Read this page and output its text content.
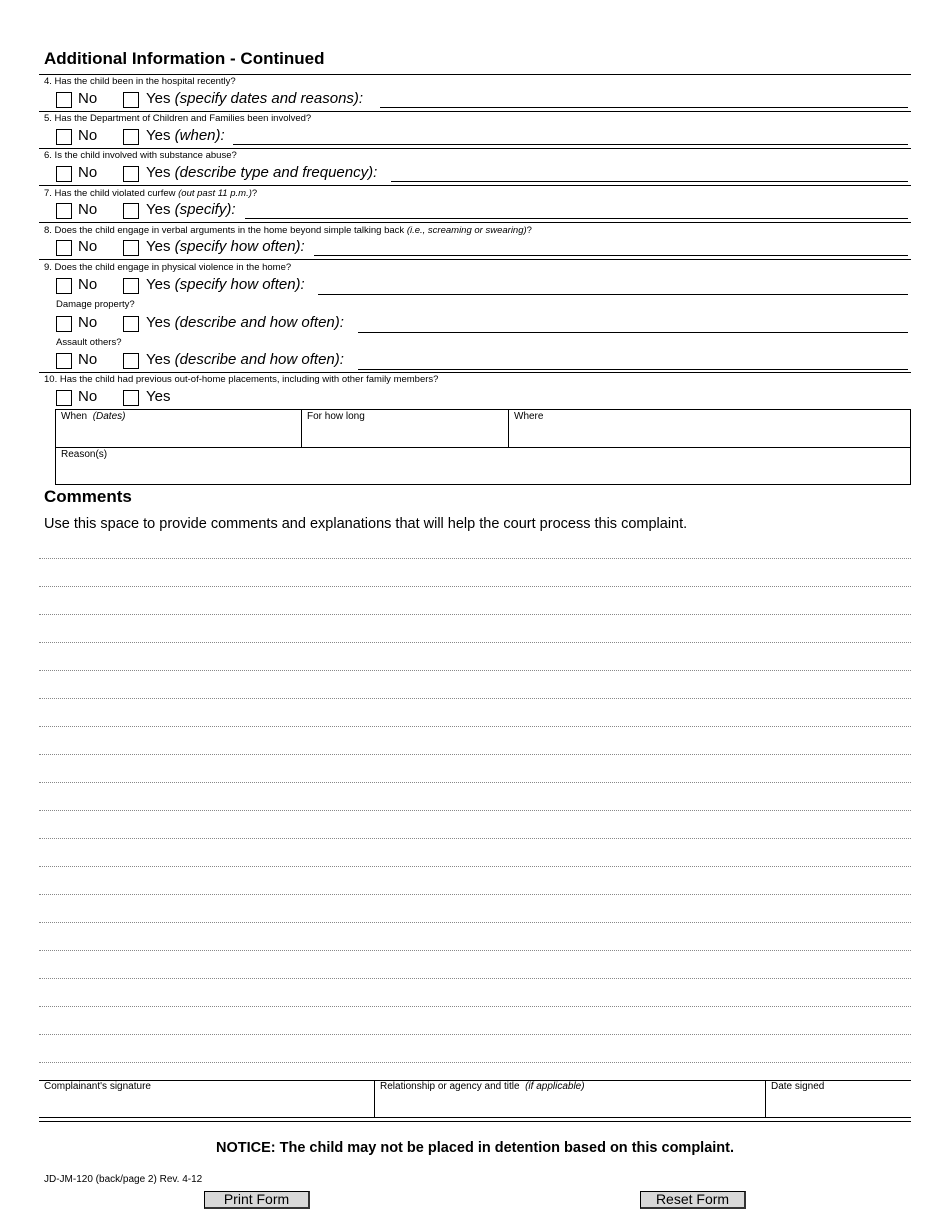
Additional Information - Continued
4. Has the child been in the hospital recently?
No	Yes (specify dates and reasons):
5. Has the Department of Children and Families been involved?
No	Yes (when):
6. Is the child involved with substance abuse?
No	Yes (describe type and frequency):
7. Has the child violated curfew (out past 11 p.m.)?
No	Yes (specify):
8. Does the child engage in verbal arguments in the home beyond simple talking back (i.e., screaming or swearing)?
No	Yes (specify how often):
9. Does the child engage in physical violence in the home?
No	Yes (specify how often):
Damage property?
No	Yes (describe and how often):
Assault others?
No	Yes (describe and how often):
10. Has the child had previous out-of-home placements, including with other family members?
No	Yes
When (Dates)	For how long	Where
Reason(s)
Comments
Use this space to provide comments and explanations that will help the court process this complaint.
Complainant's signature	Relationship or agency and title (if applicable)	Date signed
NOTICE: The child may not be placed in detention based on this complaint.
JD-JM-120 (back/page 2) Rev. 4-12
Print Form	Reset Form
